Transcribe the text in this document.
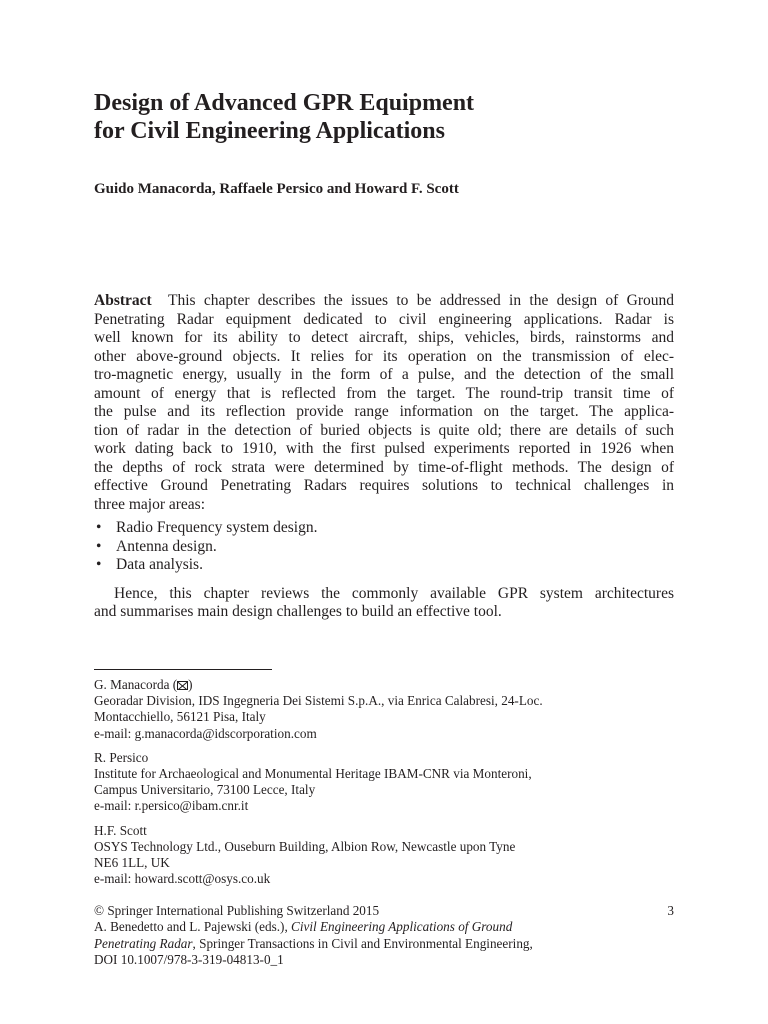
Design of Advanced GPR Equipment
for Civil Engineering Applications

Guido Manacorda, Raffaele Persico and Howard F. Scott

Abstract This chapter describes the issues to be addressed in the design of Ground
Penetrating Radar equipment dedicated to civil engineering applications. Radar is
well known for its ability to detect aircraft, ships, vehicles, birds, rainstorms and
other above-ground objects. It relies for its operation on the transmission of elec-
tro-magnetic energy, usually in the form of a pulse, and the detection of the small
amount of energy that is reflected from the target. The round-trip transit time of
the pulse and its reflection provide range information on the target. The applica-
tion of radar in the detection of buried objects is quite old; there are details of such
work dating back to 1910, with the first pulsed experiments reported in 1926 when
the depths of rock strata were determined by time-of-flight methods. The design of
effective Ground Penetrating Radars requires solutions to technical challenges in
three major areas:
• Radio Frequency system design.
• Antenna design.
• Data analysis.
Hence, this chapter reviews the commonly available GPR system architectures
and summarises main design challenges to build an effective tool.
G. Manacorda ( )
Georadar Division, IDS Ingegneria Dei Sistemi S.p.A., via Enrica Calabresi, 24-Loc.
Montacchiello, 56121 Pisa, Italy
e-mail: g.manacorda@idscorporation.com
R. Persico
Institute for Archaeological and Monumental Heritage IBAM-CNR via Monteroni,
Campus Universitario, 73100 Lecce, Italy
e-mail: r.persico@ibam.cnr.it
H.F. Scott
OSYS Technology Ltd., Ouseburn Building, Albion Row, Newcastle upon Tyne
NE6 1LL, UK
e-mail: howard.scott@osys.co.uk
3
© Springer International Publishing Switzerland 2015
A. Benedetto and L. Pajewski (eds.), Civil Engineering Applications of Ground
Penetrating Radar, Springer Transactions in Civil and Environmental Engineering,
DOI 10.1007/978-3-319-04813-0_1
